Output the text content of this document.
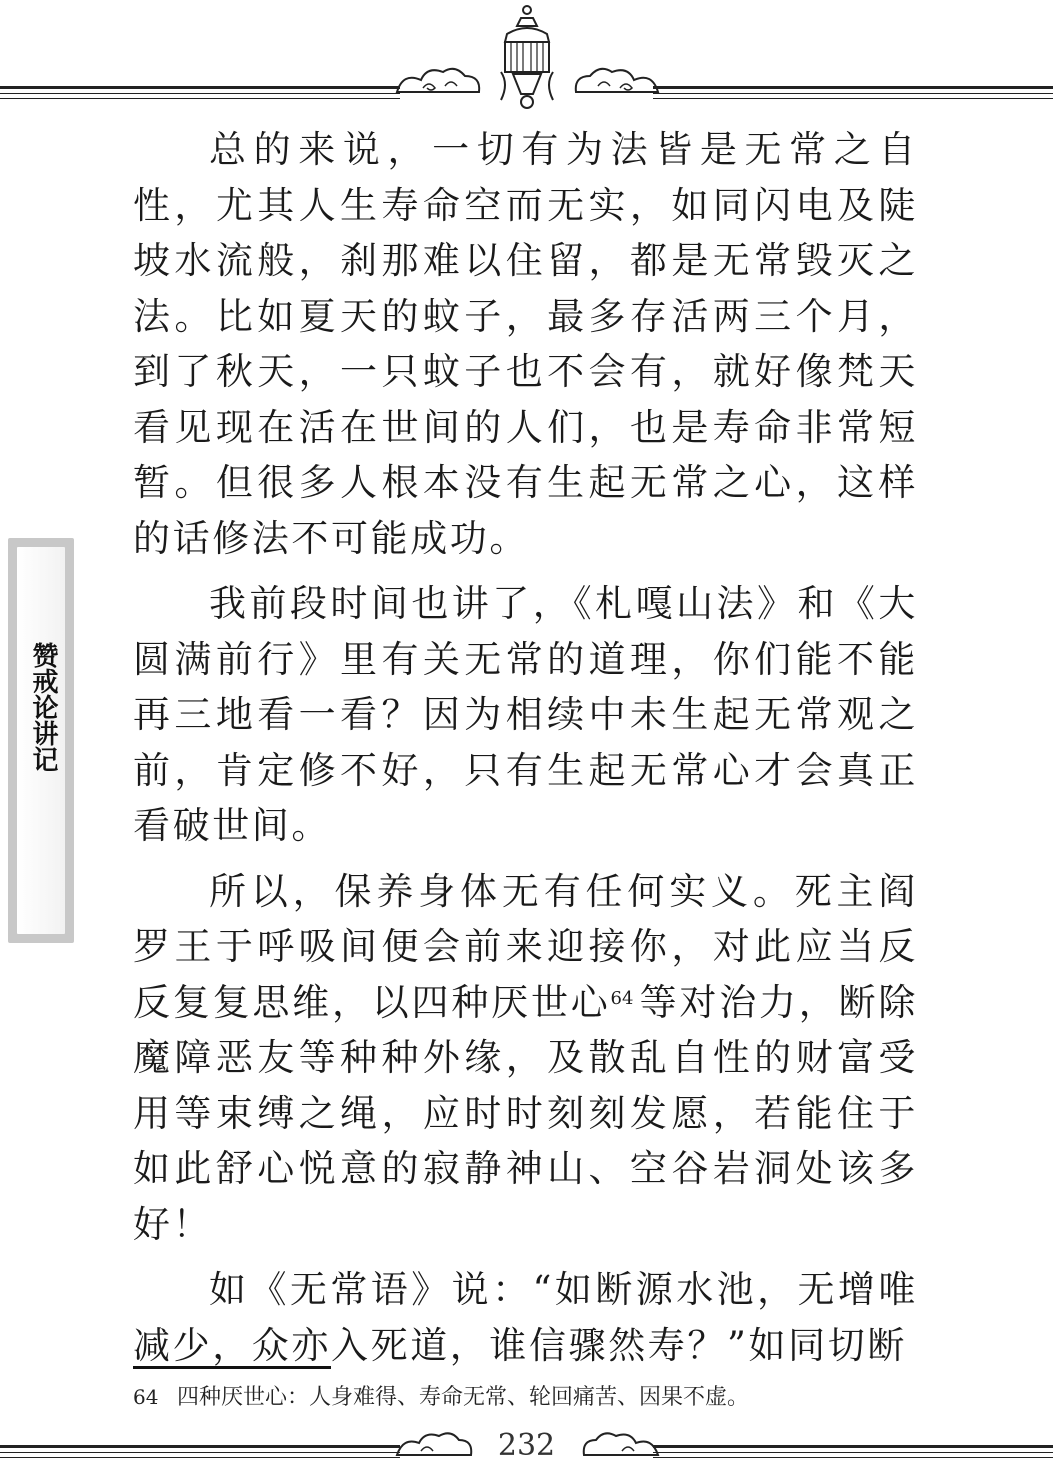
赞戒论讲记

总的来说，一切有为法皆是无常之自性，尤其人生寿命空而无实，如同闪电及陡坡水流般，刹那难以住留，都是无常毁灭之法。比如夏天的蚊子，最多存活两三个月，到了秋天，一只蚊子也不会有，就好像梵天看见现在活在世间的人们，也是寿命非常短暂。但很多人根本没有生起无常之心，这样的话修法不可能成功。

我前段时间也讲了，《札嘎山法》和《大圆满前行》里有关无常的道理，你们能不能再三地看一看？因为相续中未生起无常观之前，肯定修不好，只有生起无常心才会真正看破世间。

所以，保养身体无有任何实义。死主阎罗王于呼吸间便会前来迎接你，对此应当反反复复思维，以四种厌世心$^{64}$ 等对治力，断除魔障恶友等种种外缘，及散乱自性的财富受用等束缚之绳，应时时刻刻发愿，若能住于如此舒心悦意的寂静神山、空谷岩洞处该多好！

如《无常语》说：“如断源水池，无增唯减少，众亦入死道，谁信骤然寿？”如同切断

64 四种厌世心：人身难得、寿命无常、轮回痛苦、因果不虚。
232
